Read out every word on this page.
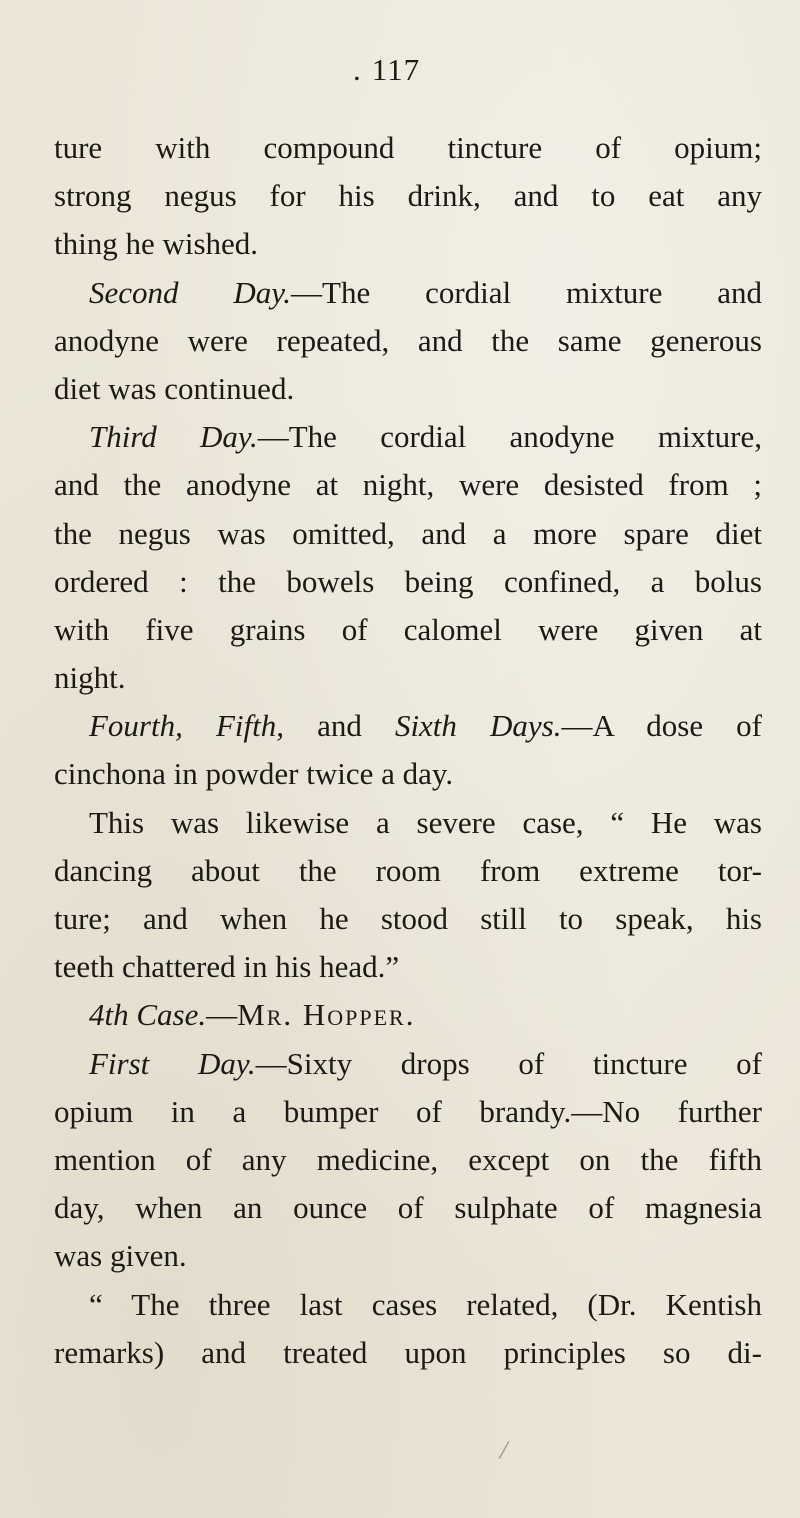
. 117
ture with compound tincture of opium;
strong negus for his drink, and to eat any
thing he wished.
Second Day.—The cordial mixture and
anodyne were repeated, and the same generous
diet was continued.
Third Day.—The cordial anodyne mixture,
and the anodyne at night, were desisted from ;
the negus was omitted, and a more spare diet
ordered : the bowels being confined, a bolus
with five grains of calomel were given at
night.
Fourth, Fifth, and Sixth Days.—A dose of
cinchona in powder twice a day.
This was likewise a severe case, “ He was
dancing about the room from extreme tor-
ture; and when he stood still to speak, his
teeth chattered in his head.”
4th Case.—Mr. Hopper.
First Day.—Sixty drops of tincture of
opium in a bumper of brandy.—No further
mention of any medicine, except on the fifth
day, when an ounce of sulphate of magnesia
was given.
“ The three last cases related, (Dr. Kentish
remarks) and treated upon principles so di-
/
